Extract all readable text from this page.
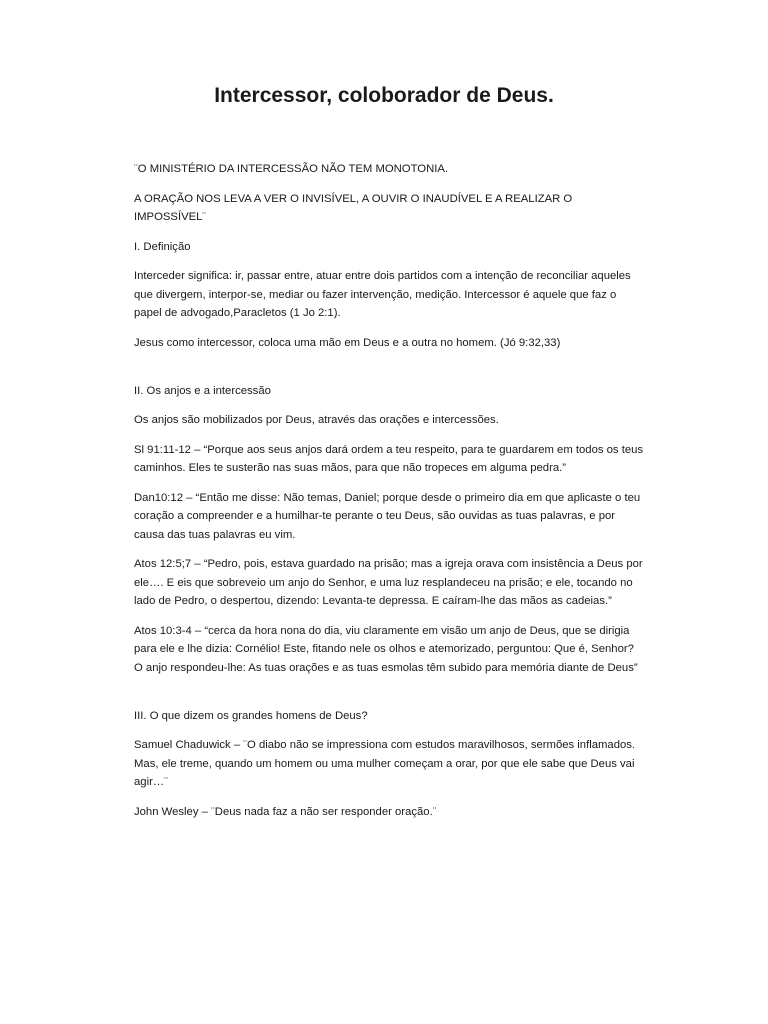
Intercessor, coloborador de Deus.

¨O MINISTÉRIO DA INTERCESSÃO NÃO TEM MONOTONIA.

A ORAÇÃO NOS LEVA A VER O INVISÍVEL, A OUVIR O INAUDÍVEL E A REALIZAR O IMPOSSÍVEL¨

I. Definição

Interceder significa: ir, passar entre, atuar entre dois partidos com a intenção de reconciliar aqueles que divergem, interpor-se, mediar ou fazer intervenção, medição. Intercessor é aquele que faz o papel de advogado,Paracletos (1 Jo 2:1).

Jesus como intercessor, coloca uma mão em Deus e a outra no homem. (Jó 9:32,33)

II. Os anjos e a intercessão

Os anjos são mobilizados por Deus, através das orações e intercessões.

Sl 91:11-12 – “Porque aos seus anjos dará ordem a teu respeito, para te guardarem em todos os teus caminhos. Eles te susterão nas suas mãos, para que não tropeces em alguma pedra.”

Dan10:12 – “Então me disse: Não temas, Daniel; porque desde o primeiro dia em que aplicaste o teu coração a compreender e a humilhar-te perante o teu Deus, são ouvidas as tuas palavras, e por causa das tuas palavras eu vim.

Atos 12:5;7 – “Pedro, pois, estava guardado na prisão; mas a igreja orava com insistência a Deus por ele…. E eis que sobreveio um anjo do Senhor, e uma luz resplandeceu na prisão; e ele, tocando no lado de Pedro, o despertou, dizendo: Levanta-te depressa. E caíram-lhe das mãos as cadeias.”

Atos 10:3-4 – “cerca da hora nona do dia, viu claramente em visão um anjo de Deus, que se dirigia para ele e lhe dizia: Cornélio! Este, fitando nele os olhos e atemorizado, perguntou: Que é, Senhor? O anjo respondeu-lhe: As tuas orações e as tuas esmolas têm subido para memória diante de Deus”

III. O que dizem os grandes homens de Deus?

Samuel Chaduwick – ¨O diabo não se impressiona com estudos maravilhosos, sermões inflamados. Mas, ele treme, quando um homem ou uma mulher começam a orar, por que ele sabe que Deus vai agir…¨

John Wesley – ¨Deus nada faz a não ser responder oração.¨
